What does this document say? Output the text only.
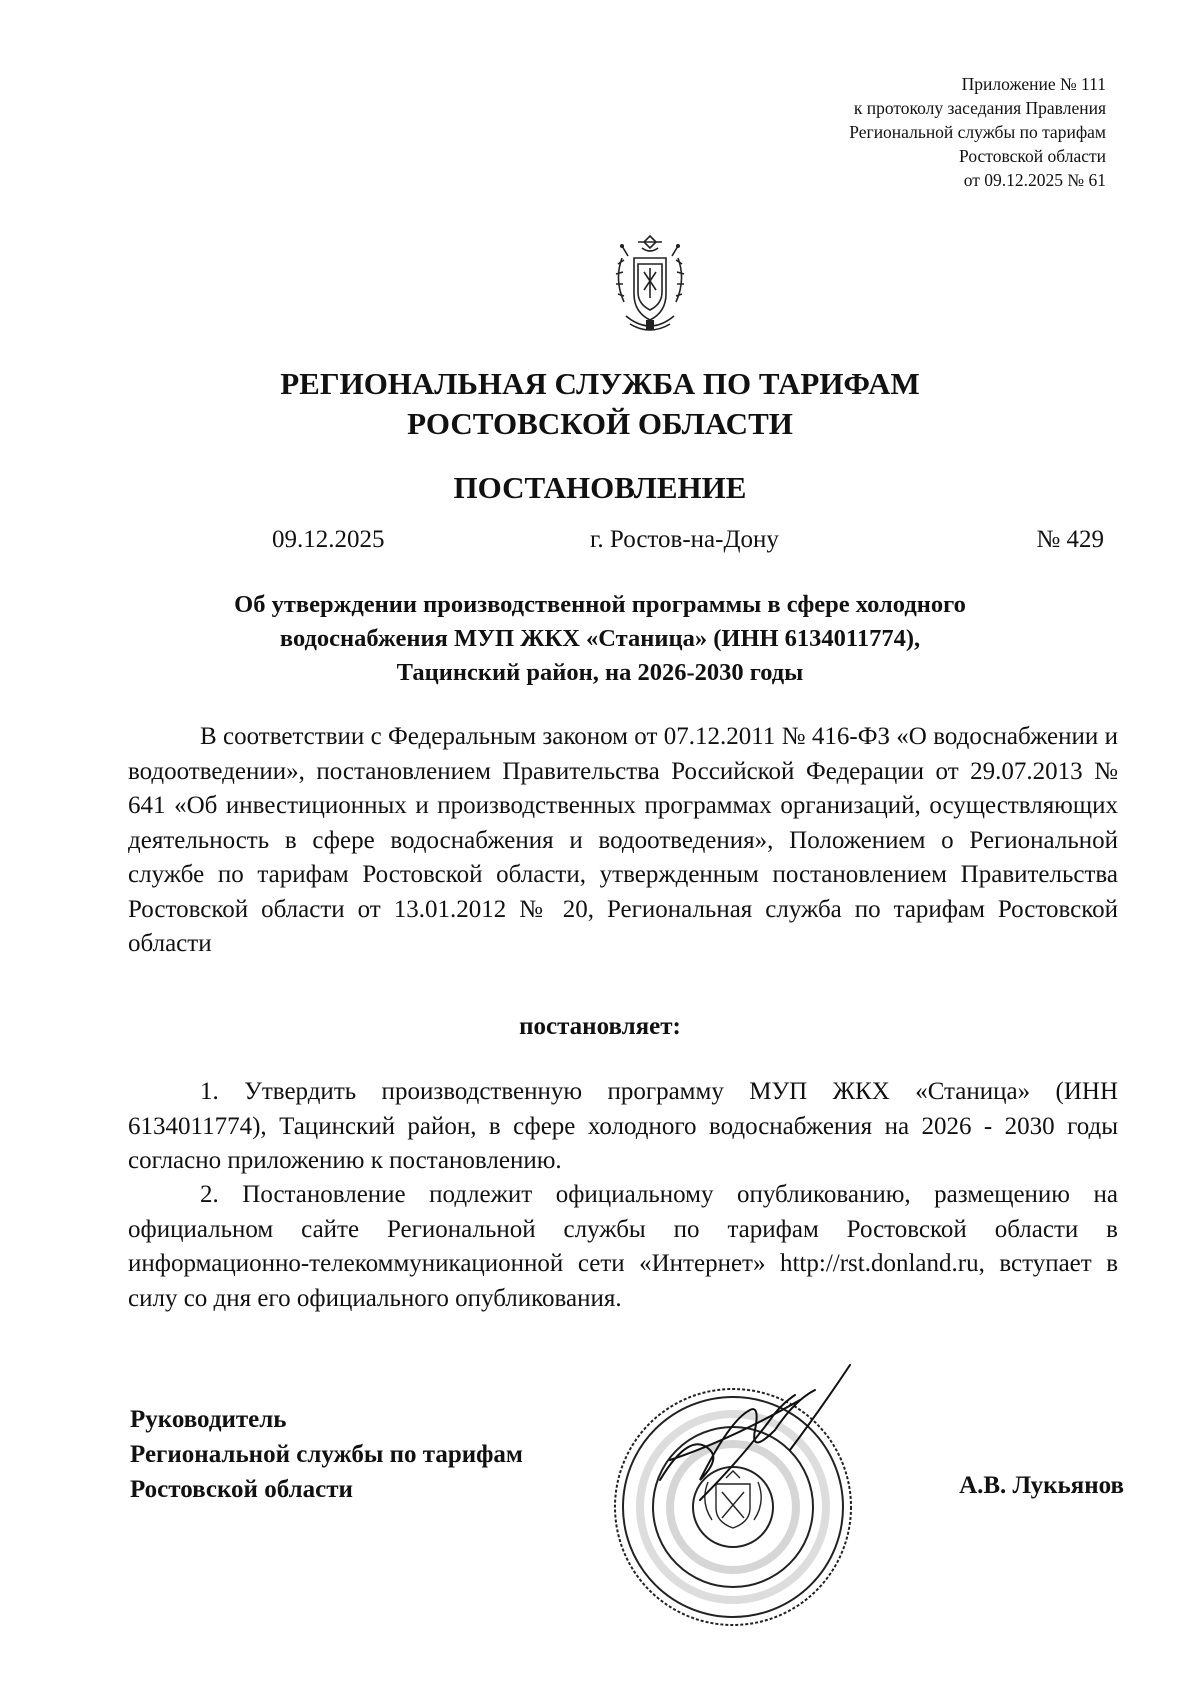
Приложение № 111
к протоколу заседания Правления
Региональной службы по тарифам
Ростовской области
от 09.12.2025 № 61
РЕГИОНАЛЬНАЯ СЛУЖБА ПО ТАРИФАМ
РОСТОВСКОЙ ОБЛАСТИ
ПОСТАНОВЛЕНИЕ
09.12.2025	г. Ростов-на-Дону	№ 429
Об утверждении производственной программы в сфере холодного
водоснабжения МУП ЖКХ «Станица» (ИНН 6134011774),
Тацинский район, на 2026-2030 годы
В соответствии с Федеральным законом от 07.12.2011 № 416-ФЗ «О водоснабжении и водоотведении», постановлением Правительства Российской Федерации от 29.07.2013 № 641 «Об инвестиционных и производственных программах организаций, осуществляющих деятельность в сфере водоснабжения и водоотведения», Положением о Региональной службе по тарифам Ростовской области, утвержденным постановлением Правительства Ростовской области от 13.01.2012 № 20, Региональная служба по тарифам Ростовской области
постановляет:
1. Утвердить производственную программу МУП ЖКХ «Станица» (ИНН 6134011774), Тацинский район, в сфере холодного водоснабжения на 2026 - 2030 годы согласно приложению к постановлению.
2. Постановление подлежит официальному опубликованию, размещению на официальном сайте Региональной службы по тарифам Ростовской области в информационно-телекоммуникационной сети «Интернет» http://rst.donland.ru, вступает в силу со дня его официального опубликования.
Руководитель
Региональной службы по тарифам
Ростовской области	А.В. Лукьянов
